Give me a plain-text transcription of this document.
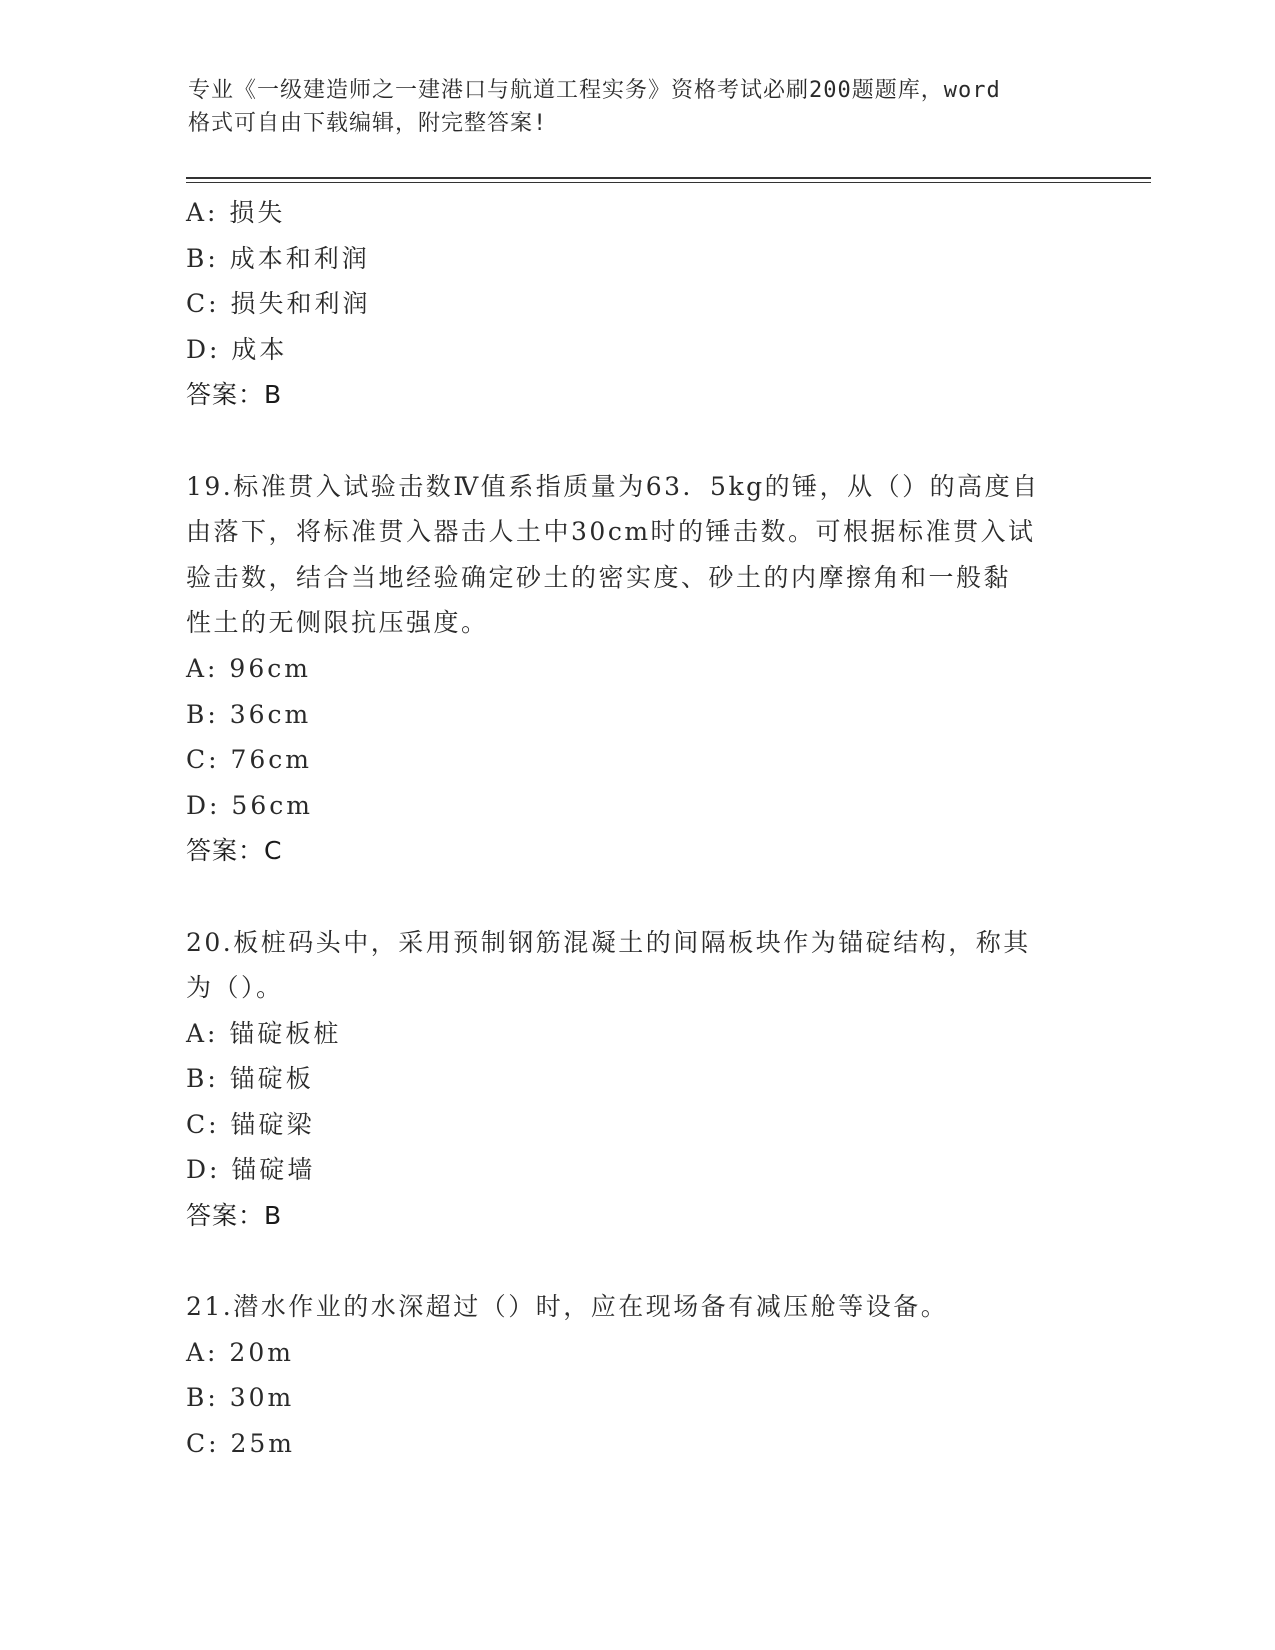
专业《一级建造师之一建港口与航道工程实务》资格考试必刷200题题库，word
格式可自由下载编辑，附完整答案!
A: 损失
B: 成本和利润
C: 损失和利润
D: 成本
答案：B
19.标准贯入试验击数Ⅳ值系指质量为63．5kg的锤，从（）的高度自
由落下，将标准贯入器击人土中30cm时的锤击数。可根据标准贯入试
验击数，结合当地经验确定砂土的密实度、砂土的内摩擦角和一般黏
性土的无侧限抗压强度。
A: 96cm
B: 36cm
C: 76cm
D: 56cm
答案：C
20.板桩码头中，采用预制钢筋混凝土的间隔板块作为锚碇结构，称其
为（）。
A: 锚碇板桩
B: 锚碇板
C: 锚碇梁
D: 锚碇墙
答案：B
21.潜水作业的水深超过（）时，应在现场备有减压舱等设备。
A: 20m
B: 30m
C: 25m
